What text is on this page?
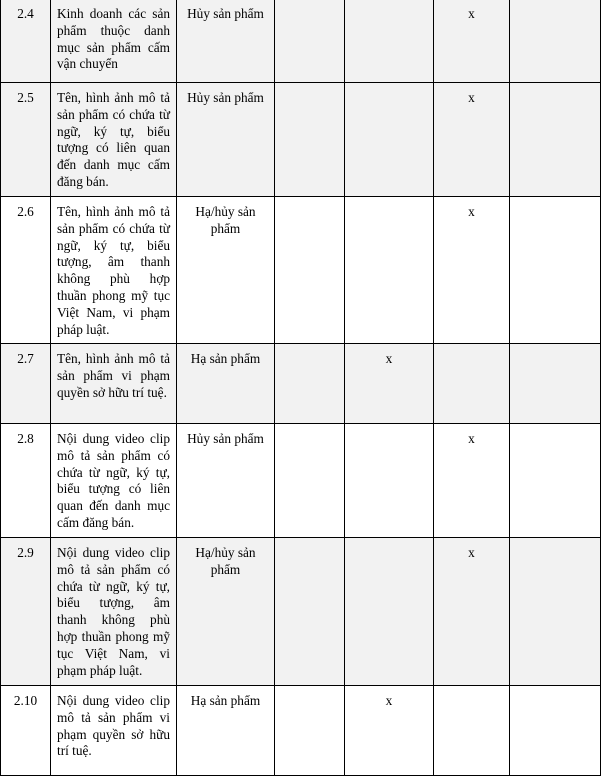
2.4	Kinh doanh các sản phẩm thuộc danh mục sản phẩm cấm vận chuyển	Hủy sản phẩm			x	
2.5	Tên, hình ảnh mô tả sản phẩm có chứa từ ngữ, ký tự, biểu tượng có liên quan đến danh mục cấm đăng bán.	Hủy sản phẩm			x	
2.6	Tên, hình ảnh mô tả sản phẩm có chứa từ ngữ, ký tự, biểu tượng, âm thanh không phù hợp thuần phong mỹ tục Việt Nam, vi phạm pháp luật.	Hạ/hủy sản phẩm			x	
2.7	Tên, hình ảnh mô tả sản phẩm vi phạm quyền sở hữu trí tuệ.	Hạ sản phẩm		x		
2.8	Nội dung video clip mô tả sản phẩm có chứa từ ngữ, ký tự, biểu tượng có liên quan đến danh mục cấm đăng bán.	Hủy sản phẩm			x	
2.9	Nội dung video clip mô tả sản phẩm có chứa từ ngữ, ký tự, biểu tượng, âm thanh không phù hợp thuần phong mỹ tục Việt Nam, vi phạm pháp luật.	Hạ/hủy sản phẩm			x	
2.10	Nội dung video clip mô tả sản phẩm vi phạm quyền sở hữu trí tuệ.	Hạ sản phẩm		x		
